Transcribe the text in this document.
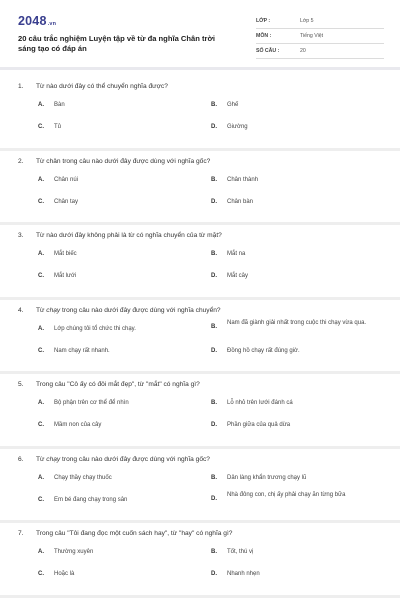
2048.vn
20 câu trắc nghiệm Luyện tập về từ đa nghĩa Chân trời sáng tạo có đáp án
LỚP :	Lớp 5
MÔN :	Tiếng Việt
SỐ CÂU :	20
1. Từ nào dưới đây có thể chuyển nghĩa được?
A.	Bàn	B.	Ghế
C.	Tủ	D.	Giường
2. Từ chân trong câu nào dưới đây được dùng với nghĩa gốc?
A.	Chân núi	B.	Chân thành
C.	Chân tay	D.	Chân bàn
3. Từ nào dưới đây không phải là từ có nghĩa chuyển của từ mặt?
A.	Mắt biếc	B.	Mắt na
C.	Mắt lưới	D.	Mắt cây
4. Từ chạy trong câu nào dưới đây được dùng với nghĩa chuyển?
A.	Lớp chúng tôi tổ chức thi chạy.	B.
Nam đã giành giải nhất trong cuộc thi chạy vừa qua.
C.	Nam chạy rất nhanh.	D.	Đồng hồ chạy rất đúng giờ.
5. Trong câu "Cô ấy có đôi mắt đẹp", từ "mắt" có nghĩa gì?
A.	Bộ phận trên cơ thể để nhìn	B.	Lỗ nhỏ trên lưới đánh cá
C.	Mầm non của cây	D.	Phần giữa của quả dừa
6. Từ chạy trong câu nào dưới đây được dùng với nghĩa gốc?
A.	Chạy thầy chạy thuốc	B.	Dân làng khẩn trương chạy lũ
C.	Em bé đang chạy trong sân	D.
Nhà đông con, chị ấy phải chạy ăn từng bữa
7. Trong câu "Tôi đang đọc một cuốn sách hay", từ "hay" có nghĩa gì?
A.	Thường xuyên	B.	Tốt, thú vị
C.	Hoặc là	D.	Nhanh nhẹn
